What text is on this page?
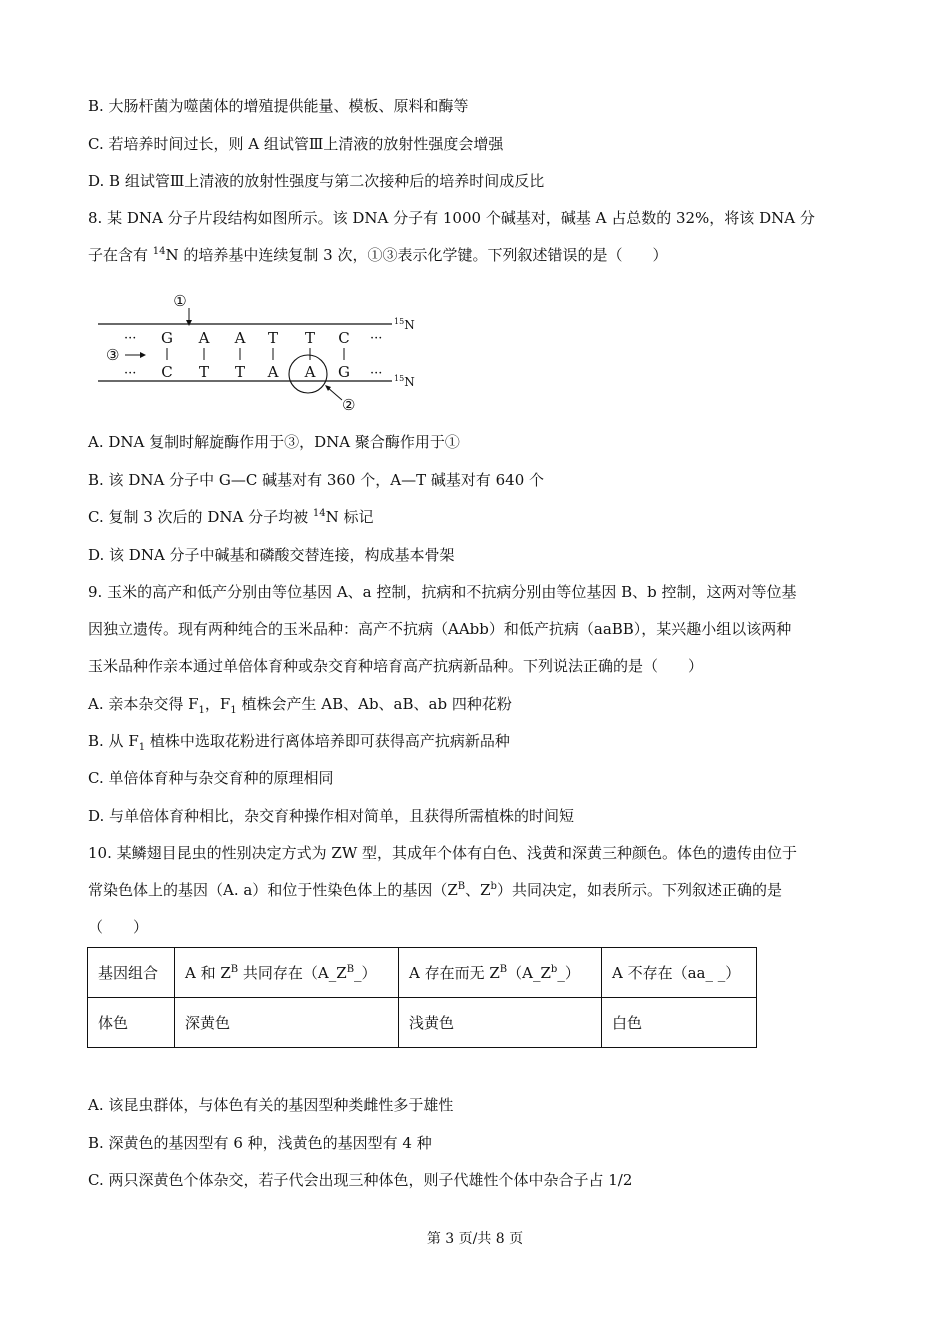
B. 大肠杆菌为噬菌体的增殖提供能量、模板、原料和酶等
C. 若培养时间过长，则 A 组试管Ⅲ上清液的放射性强度会增强
D. B 组试管Ⅲ上清液的放射性强度与第二次接种后的培养时间成反比
8. 某 DNA 分子片段结构如图所示。该 DNA 分子有 1000 个碱基对，碱基 A 占总数的 32%，将该 DNA 分
子在含有 $^{14}$N 的培养基中连续复制 3 次，①③表示化学键。下列叙述错误的是（　　）
①
$^{15}$N
$^{15}$N
···	···
···	···
G A A T T C
③
C T T A A G
②
A. DNA 复制时解旋酶作用于③，DNA 聚合酶作用于①
B. 该 DNA 分子中 G—C 碱基对有 360 个，A—T 碱基对有 640 个
C. 复制 3 次后的 DNA 分子均被 $^{14}$N 标记
D. 该 DNA 分子中碱基和磷酸交替连接，构成基本骨架
9. 玉米的高产和低产分别由等位基因 A、a 控制，抗病和不抗病分别由等位基因 B、b 控制，这两对等位基
因独立遗传。现有两种纯合的玉米品种：高产不抗病（AAbb）和低产抗病（aaBB），某兴趣小组以该两种
玉米品种作亲本通过单倍体育种或杂交育种培育高产抗病新品种。下列说法正确的是（　　）
A. 亲本杂交得 $F_1$，$F_1$ 植株会产生 AB、Ab、aB、ab 四种花粉
B. 从 $F_1$ 植株中选取花粉进行离体培养即可获得高产抗病新品种
C. 单倍体育种与杂交育种的原理相同
D. 与单倍体育种相比，杂交育种操作相对简单，且获得所需植株的时间短
10. 某鳞翅目昆虫的性别决定方式为 ZW 型，其成年个体有白色、浅黄和深黄三种颜色。体色的遗传由位于
常染色体上的基因（A. a）和位于性染色体上的基因（$Z^B$、$Z^b$）共同决定，如表所示。下列叙述正确的是
（　　）
基因组合	A 和 $Z^B$ 共同存在$(A\_Z^B\_)$	A 存在而无 $Z^B(A\_Z^b\_)$	A 不存在（aa_ _）
体色	深黄色	浅黄色	白色
A. 该昆虫群体，与体色有关的基因型种类雌性多于雄性
B. 深黄色的基因型有 6 种，浅黄色的基因型有 4 种
C. 两只深黄色个体杂交，若子代会出现三种体色，则子代雄性个体中杂合子占 1/2
第 3 页/共 8 页
